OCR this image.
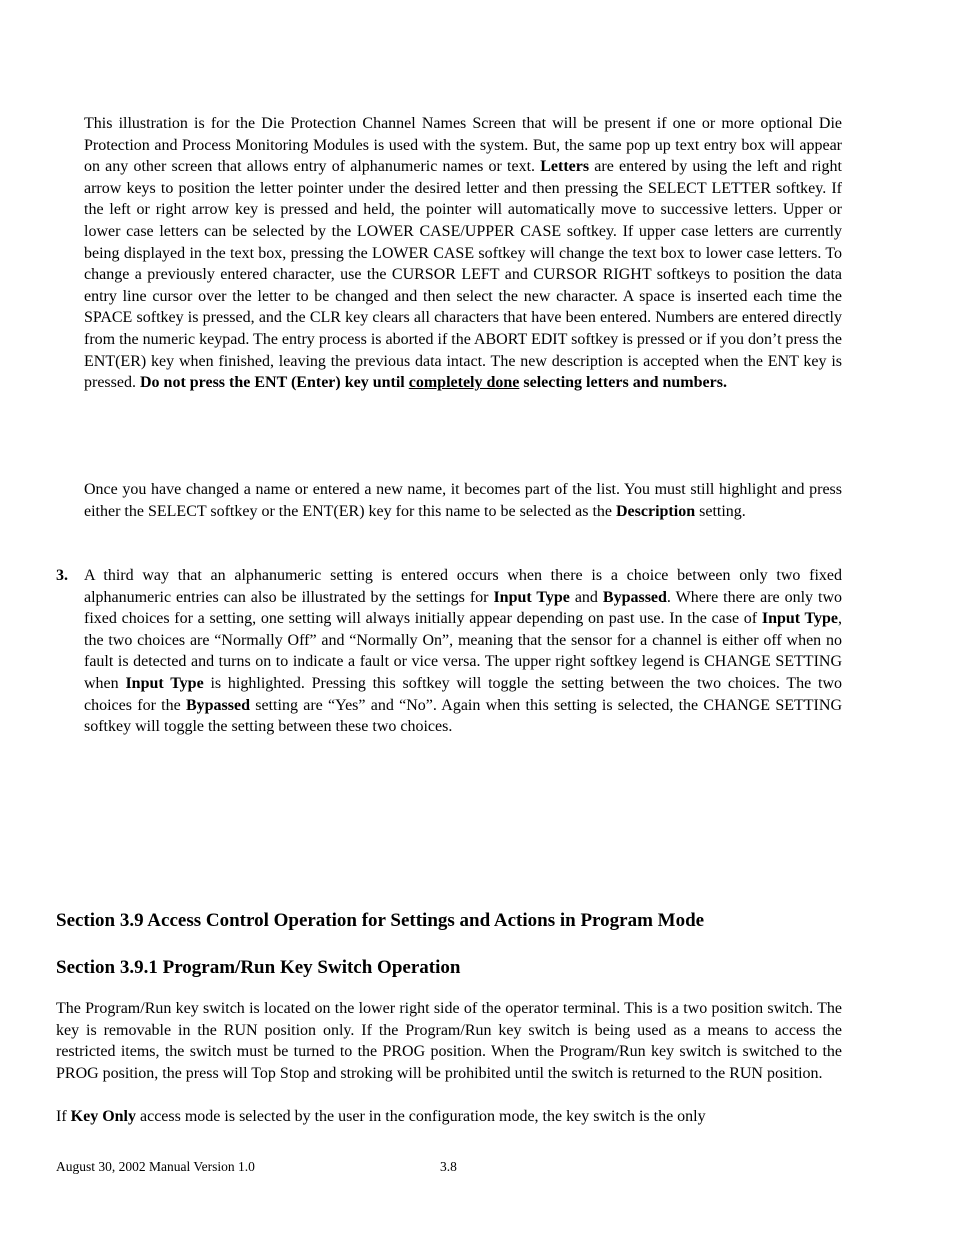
This illustration is for the Die Protection Channel Names Screen that will be present if one or more optional Die Protection and Process Monitoring Modules is used with the system. But, the same pop up text entry box will appear on any other screen that allows entry of alphanumeric names or text. Letters are entered by using the left and right arrow keys to position the letter pointer under the desired letter and then pressing the SELECT LETTER softkey. If the left or right arrow key is pressed and held, the pointer will automatically move to successive letters. Upper or lower case letters can be selected by the LOWER CASE/UPPER CASE softkey. If upper case letters are currently being displayed in the text box, pressing the LOWER CASE softkey will change the text box to lower case letters. To change a previously entered character, use the CURSOR LEFT and CURSOR RIGHT softkeys to position the data entry line cursor over the letter to be changed and then select the new character. A space is inserted each time the SPACE softkey is pressed, and the CLR key clears all characters that have been entered. Numbers are entered directly from the numeric keypad. The entry process is aborted if the ABORT EDIT softkey is pressed or if you don’t press the ENT(ER) key when finished, leaving the previous data intact. The new description is accepted when the ENT key is pressed. Do not press the ENT (Enter) key until completely done selecting letters and numbers.

Once you have changed a name or entered a new name, it becomes part of the list. You must still highlight and press either the SELECT softkey or the ENT(ER) key for this name to be selected as the Description setting.

3. A third way that an alphanumeric setting is entered occurs when there is a choice between only two fixed alphanumeric entries can also be illustrated by the settings for Input Type and Bypassed. Where there are only two fixed choices for a setting, one setting will always initially appear depending on past use. In the case of Input Type, the two choices are “Normally Off” and “Normally On”, meaning that the sensor for a channel is either off when no fault is detected and turns on to indicate a fault or vice versa. The upper right softkey legend is CHANGE SETTING when Input Type is highlighted. Pressing this softkey will toggle the setting between the two choices. The two choices for the Bypassed setting are “Yes” and “No”. Again when this setting is selected, the CHANGE SETTING softkey will toggle the setting between these two choices.

Section 3.9 Access Control Operation for Settings and Actions in Program Mode
Section 3.9.1 Program/Run Key Switch Operation

The Program/Run key switch is located on the lower right side of the operator terminal. This is a two position switch. The key is removable in the RUN position only. If the Program/Run key switch is being used as a means to access the restricted items, the switch must be turned to the PROG position. When the Program/Run key switch is switched to the PROG position, the press will Top Stop and stroking will be prohibited until the switch is returned to the RUN position.

If Key Only access mode is selected by the user in the configuration mode, the key switch is the only

August 30, 2002 Manual Version 1.0	3.8
